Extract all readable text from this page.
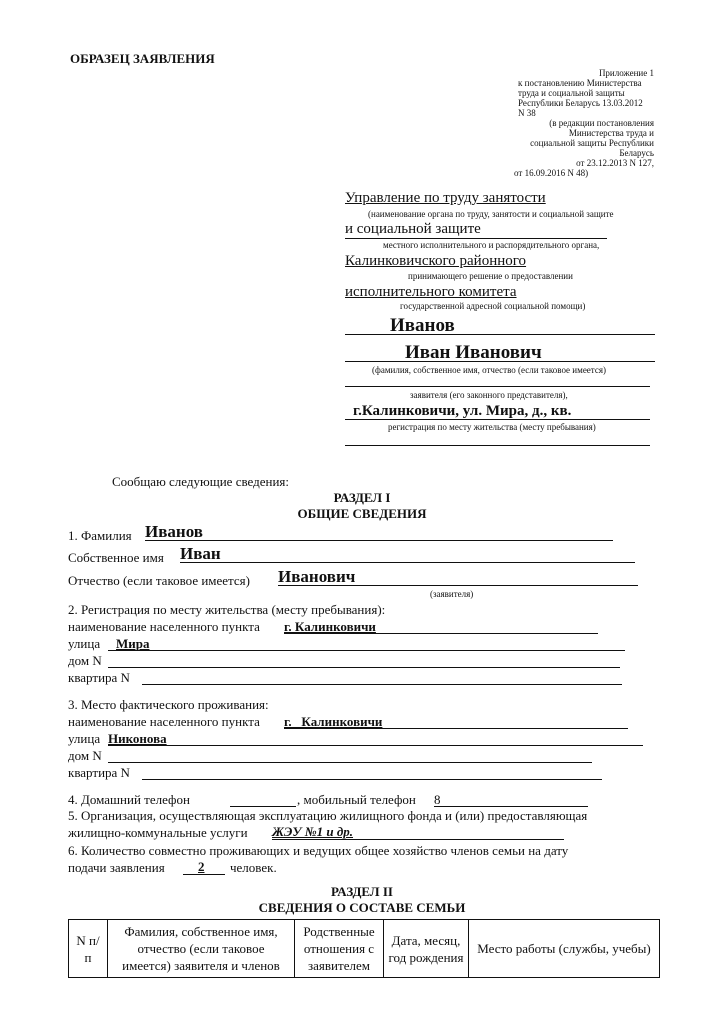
ОБРАЗЕЦ ЗАЯВЛЕНИЯ
Приложение 1
к постановлению Министерства
труда и социальной защиты
Республики Беларусь 13.03.2012
N 38
(в редакции постановления
Министерства труда и
социальной защиты Республики
Беларусь
от 23.12.2013 N 127,
от 16.09.2016 N 48)
Управление по труду занятости
(наименование органа по труду, занятости и социальной защите
и социальной защите
местного исполнительного и распорядительного органа,
Калинковичского районного
принимающего решение о предоставлении
исполнительного комитета
государственной адресной социальной помощи)
Иванов
Иван Иванович
(фамилия, собственное имя, отчество (если таковое имеется)
заявителя (его законного представителя),
г.Калинковичи, ул. Мира, д., кв.
регистрация по месту жительства (месту пребывания)
Сообщаю следующие сведения:
РАЗДЕЛ I
ОБЩИЕ СВЕДЕНИЯ
1. Фамилия Иванов
Собственное имя Иван
Отчество (если таковое имеется) Иванович
(заявителя)
2. Регистрация по месту жительства (месту пребывания):
наименование населенного пункта г. Калинковичи
улица Мира
дом N
квартира N
3. Место фактического проживания:
наименование населенного пункта г._ Калинковичи
улица Никонова
дом N
квартира N
4. Домашний телефон	, мобильный телефон 8
5. Организация, осуществляющая эксплуатацию жилищного фонда и (или) предоставляющая
жилищно-коммунальные услуги ЖЭУ №1 и др.
6. Количество совместно проживающих и ведущих общее хозяйство членов семьи на дату
подачи заявления	2 человек.
РАЗДЕЛ II
СВЕДЕНИЯ О СОСТАВЕ СЕМЬИ
N п/п	Фамилия, собственное имя, отчество (если таковое имеется) заявителя и членов	Родственные отношения с заявителем	Дата, месяц, год рождения	Место работы (службы, учебы)
